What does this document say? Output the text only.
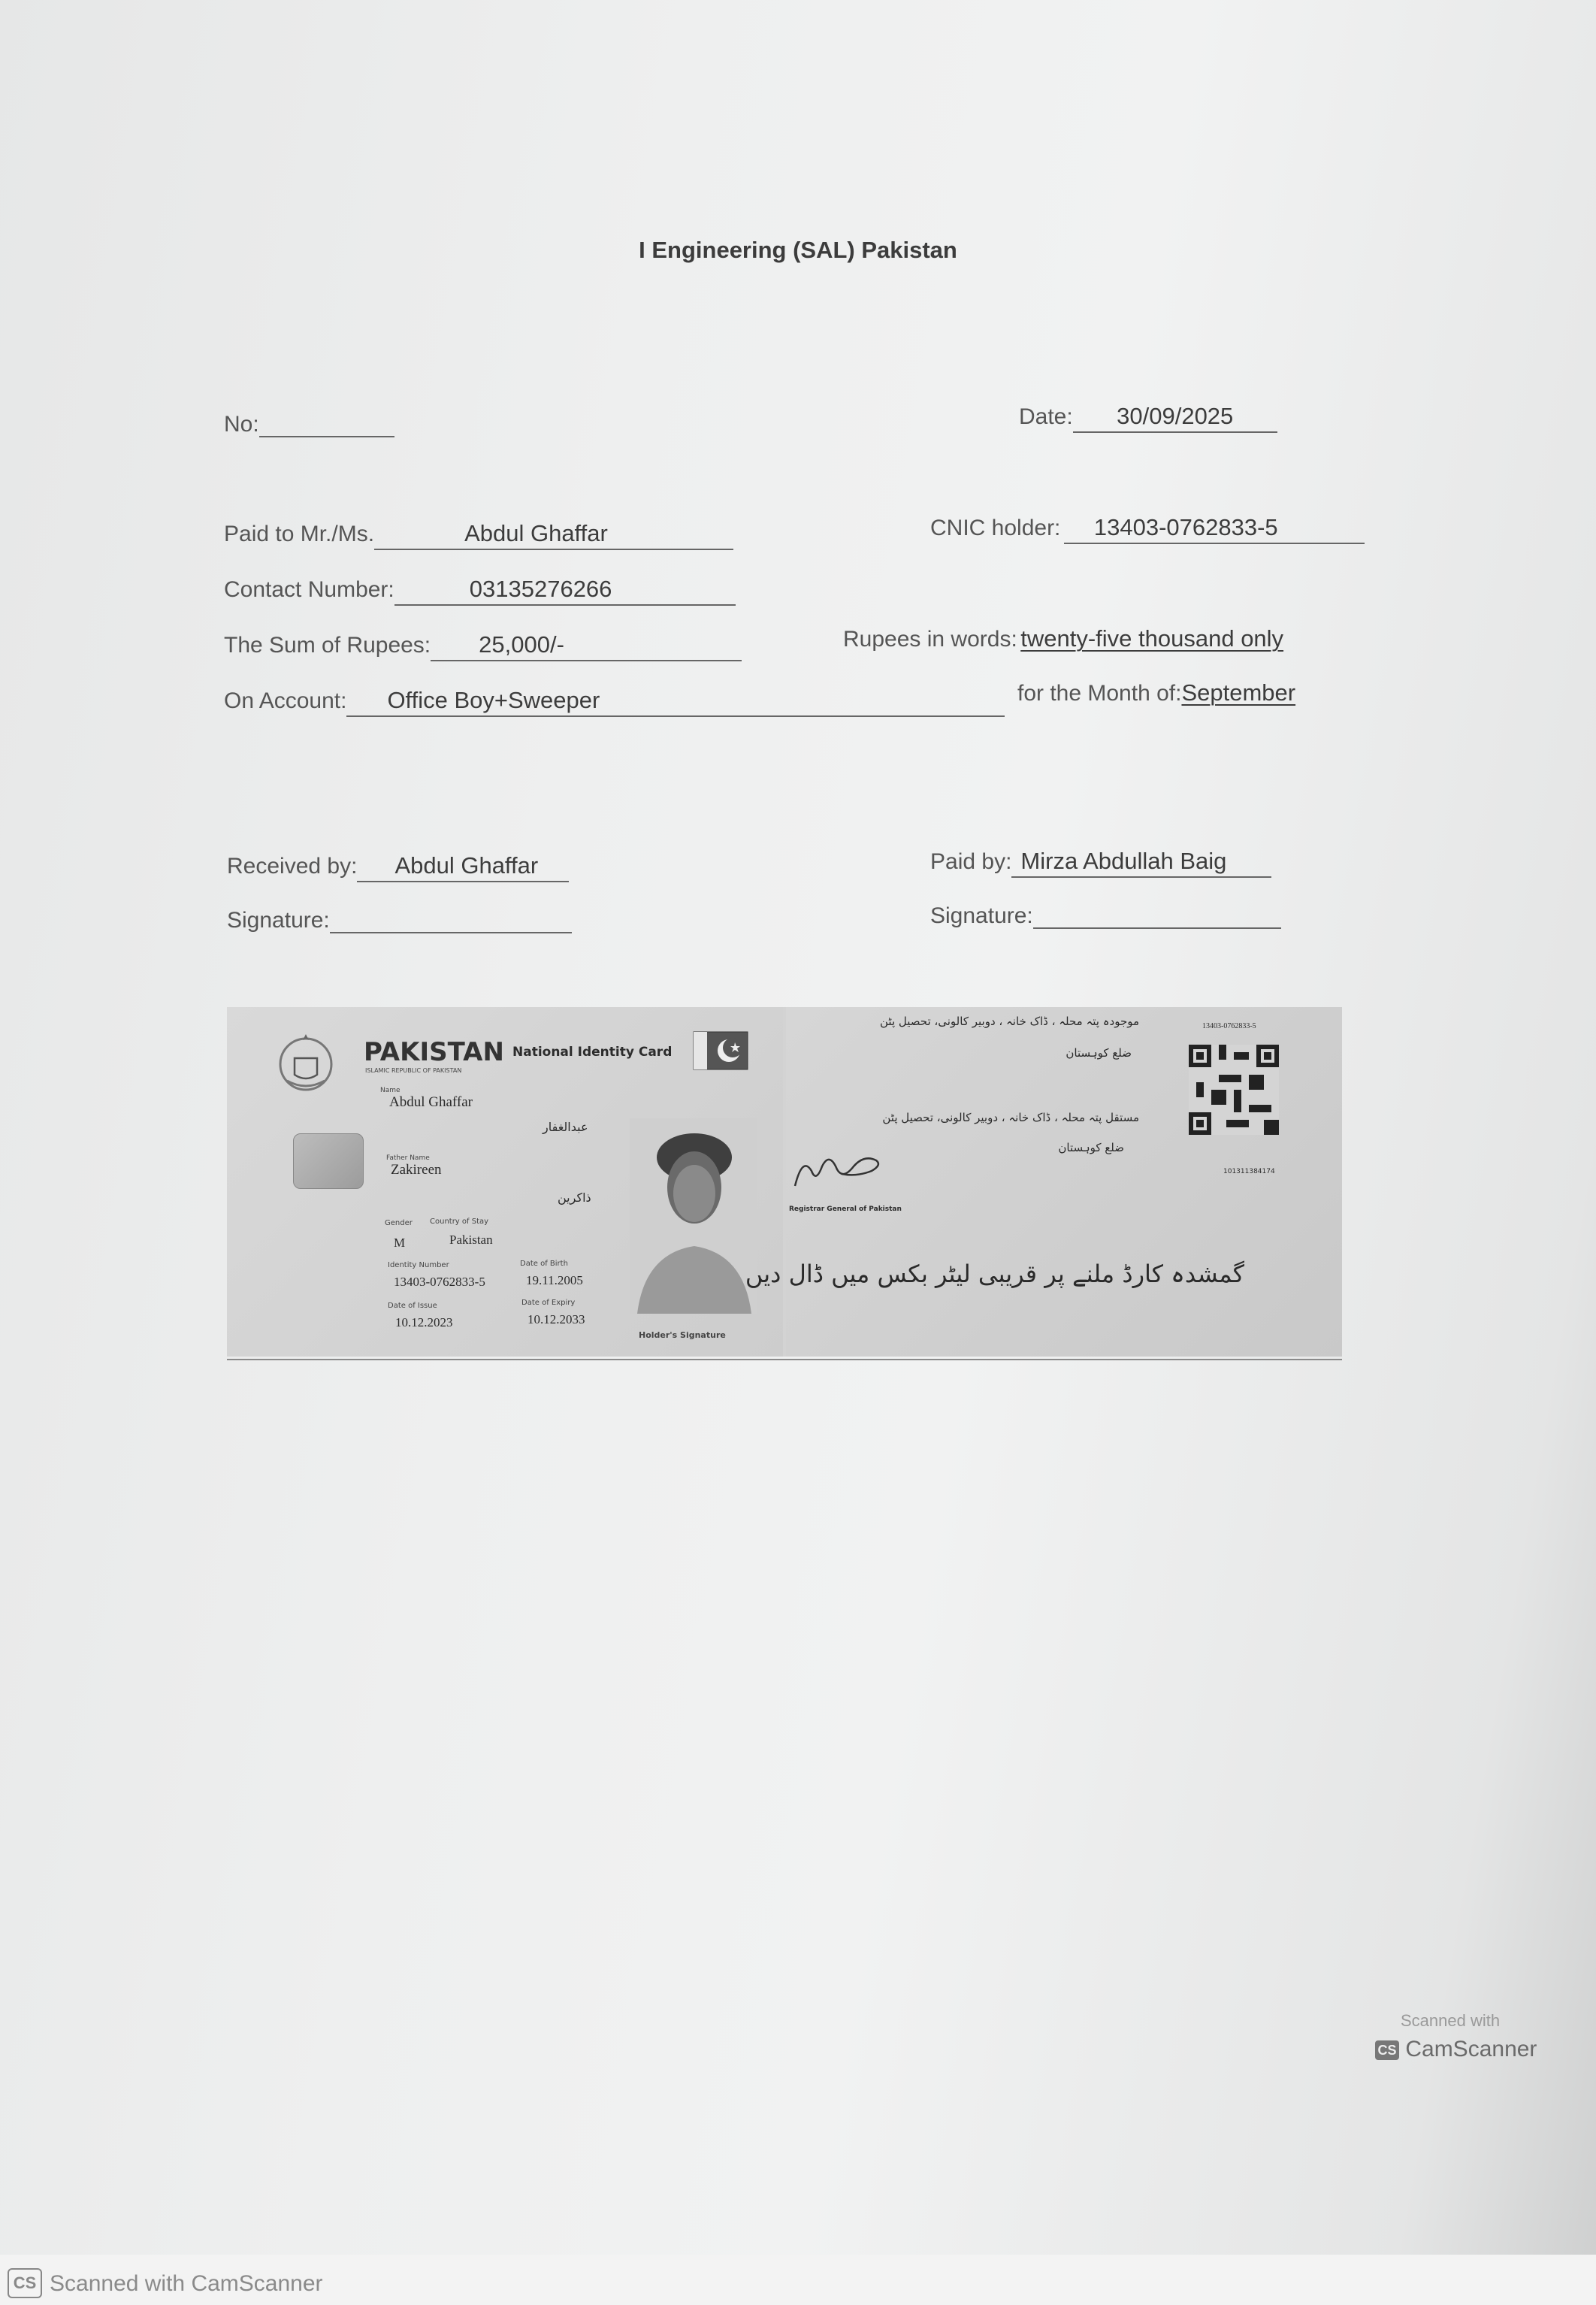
I Engineering (SAL) Pakistan
No:	Date: 30/09/2025
Paid to Mr./Ms.	Abdul Ghaffar	CNIC holder: 13403-0762833-5
Contact Number:	03135276266
The Sum of Rupees: 25,000/-	Rupees in words: twenty-five thousand only
On Account: Office Boy+Sweeper	for the Month of:September
Received by: Abdul Ghaffar	Paid by: Mirza Abdullah Baig
Signature:	Signature:
PAKISTAN
ISLAMIC REPUBLIC OF PAKISTAN
National Identity Card
Name
Abdul Ghaffar
عبدالغفار
Father Name
Zakireen
ذاکرین
Gender Country of Stay
M	Pakistan
Identity Number	Date of Birth
13403-0762833-5	19.11.2005
Date of Issue	Date of Expiry
10.12.2023	10.12.2033
Holder's Signature
موجودہ پتہ محلہ ، ڈاک خانہ ، دوبیر کالونی، تحصیل پٹن
ضلع کوہستان
13403-0762833-5
مستقل پتہ محلہ ، ڈاک خانہ ، دوبیر کالونی، تحصیل پٹن
ضلع کوہستان
Registrar General of Pakistan
101311384174
گمشدہ کارڈ ملنے پر قریبی لیٹر بکس میں ڈال دیں
Scanned with
CS CamScanner
CS Scanned with CamScanner
